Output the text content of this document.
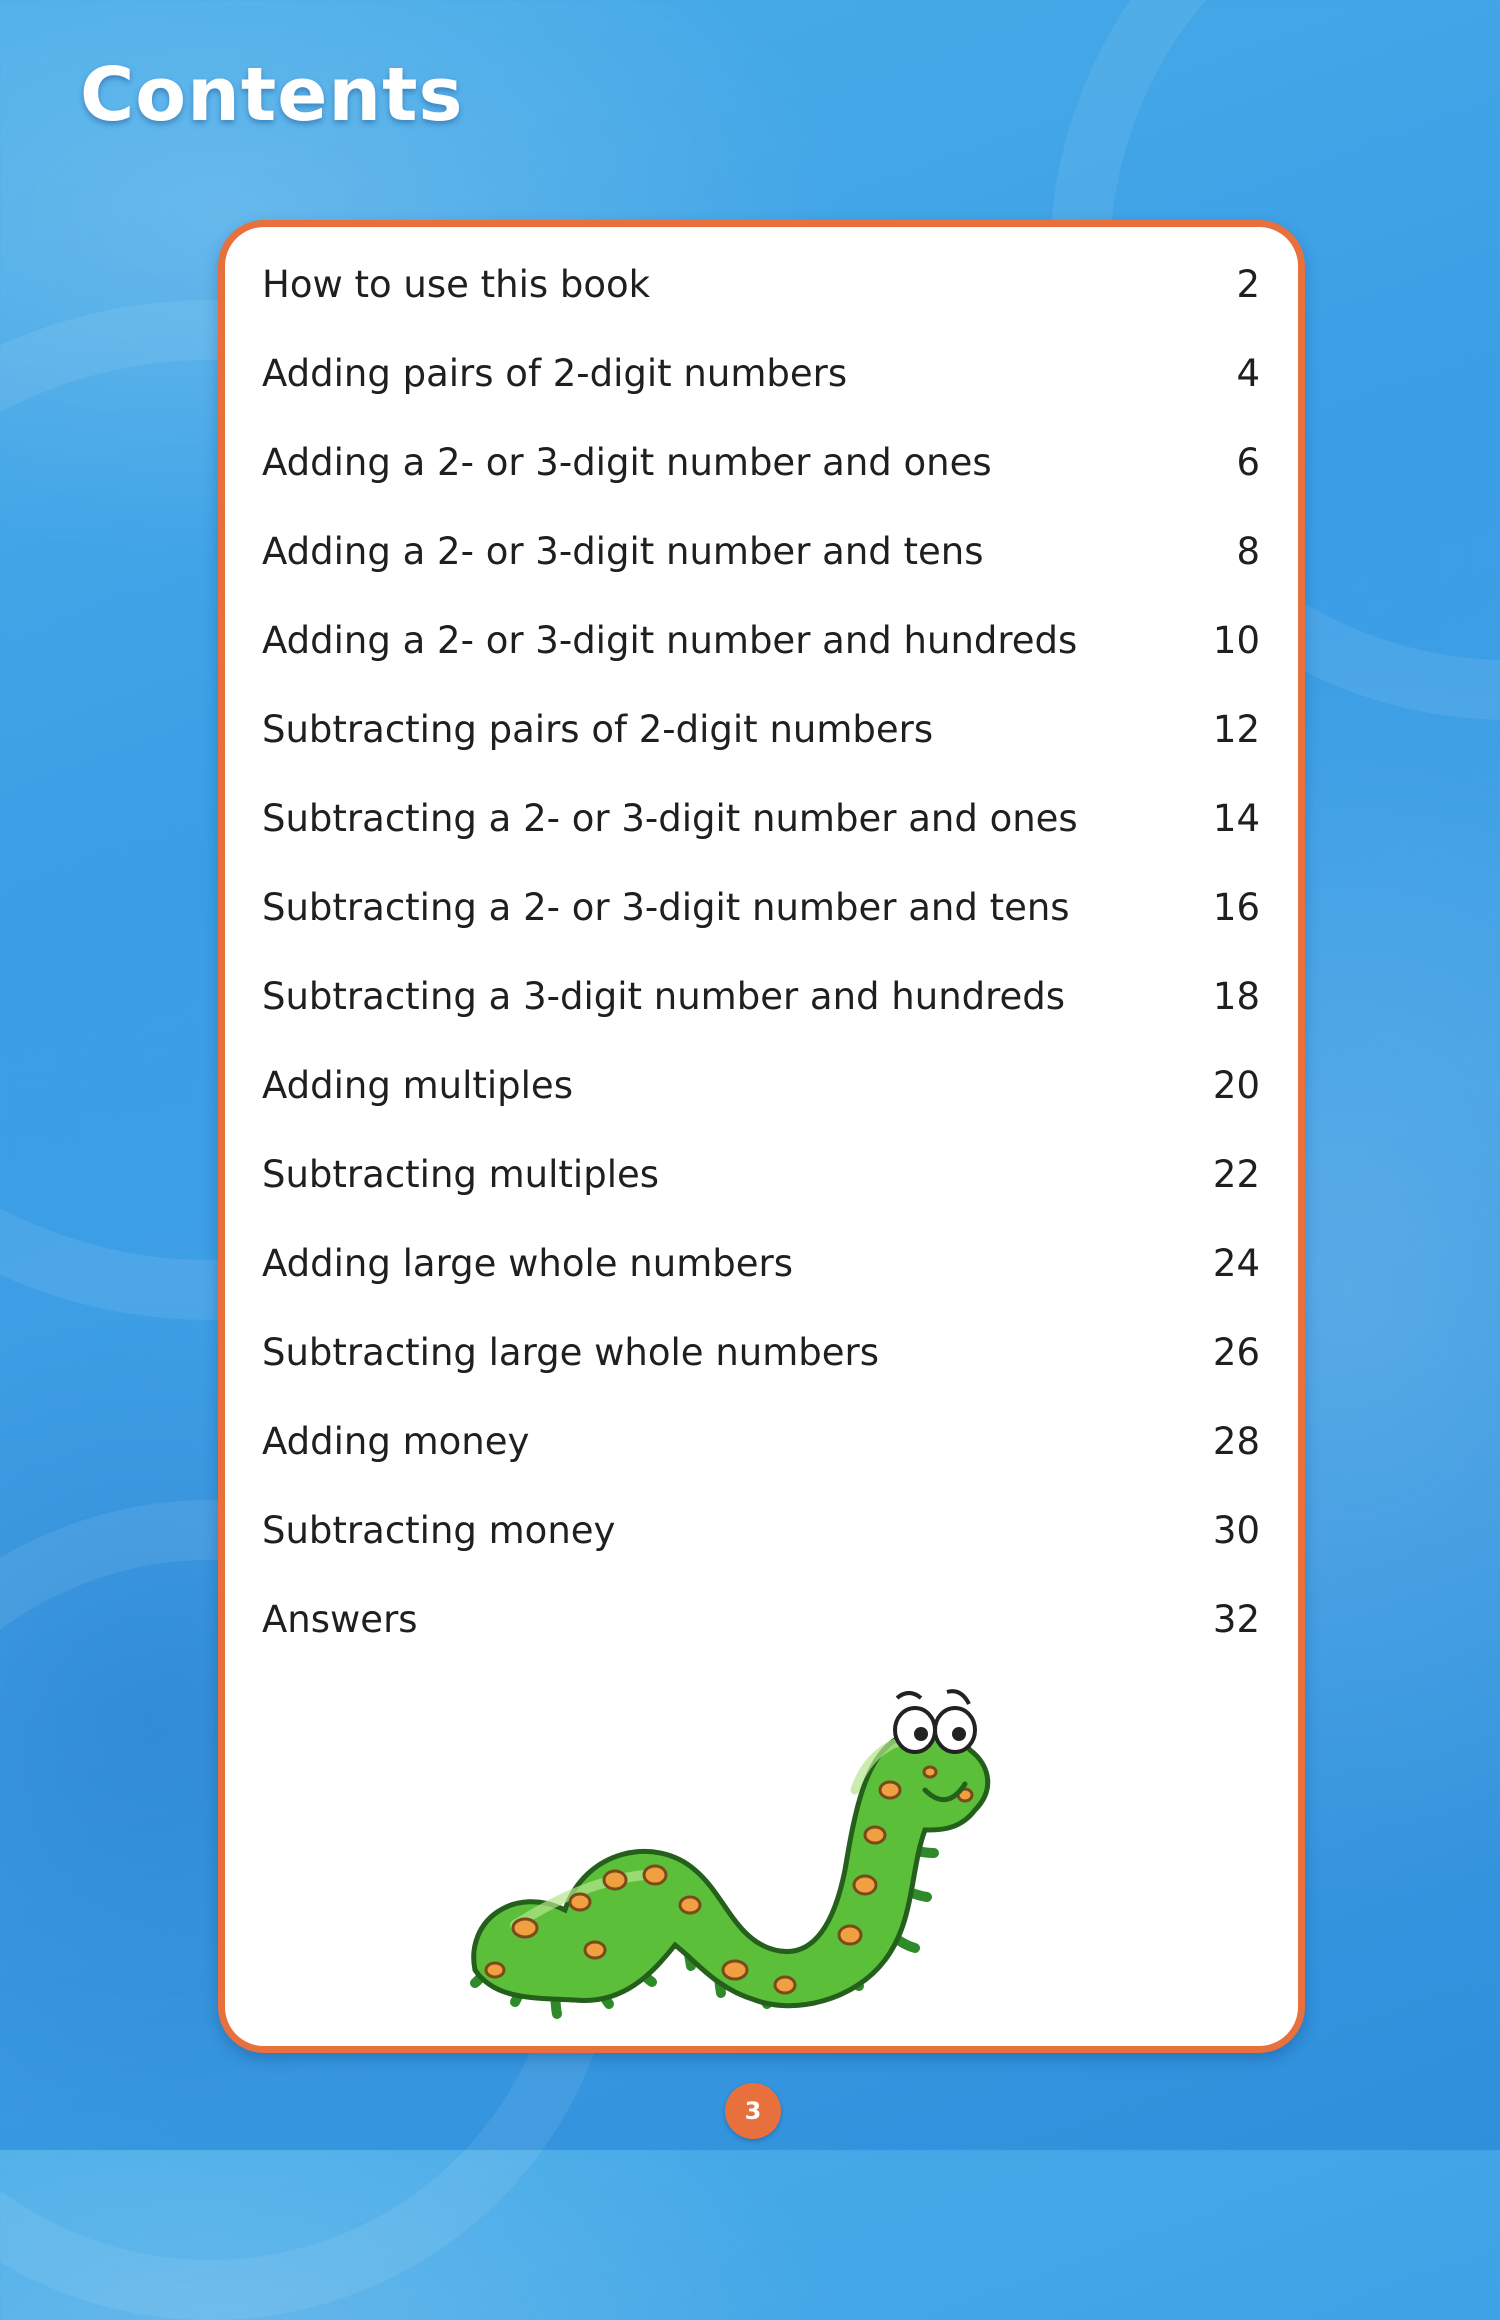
Contents
How to use this book	2
Adding pairs of 2-digit numbers	4
Adding a 2- or 3-digit number and ones	6
Adding a 2- or 3-digit number and tens	8
Adding a 2- or 3-digit number and hundreds	10
Subtracting pairs of 2-digit numbers	12
Subtracting a 2- or 3-digit number and ones	14
Subtracting a 2- or 3-digit number and tens	16
Subtracting a 3-digit number and hundreds	18
Adding multiples	20
Subtracting multiples	22
Adding large whole numbers	24
Subtracting large whole numbers	26
Adding money	28
Subtracting money	30
Answers	32
3
